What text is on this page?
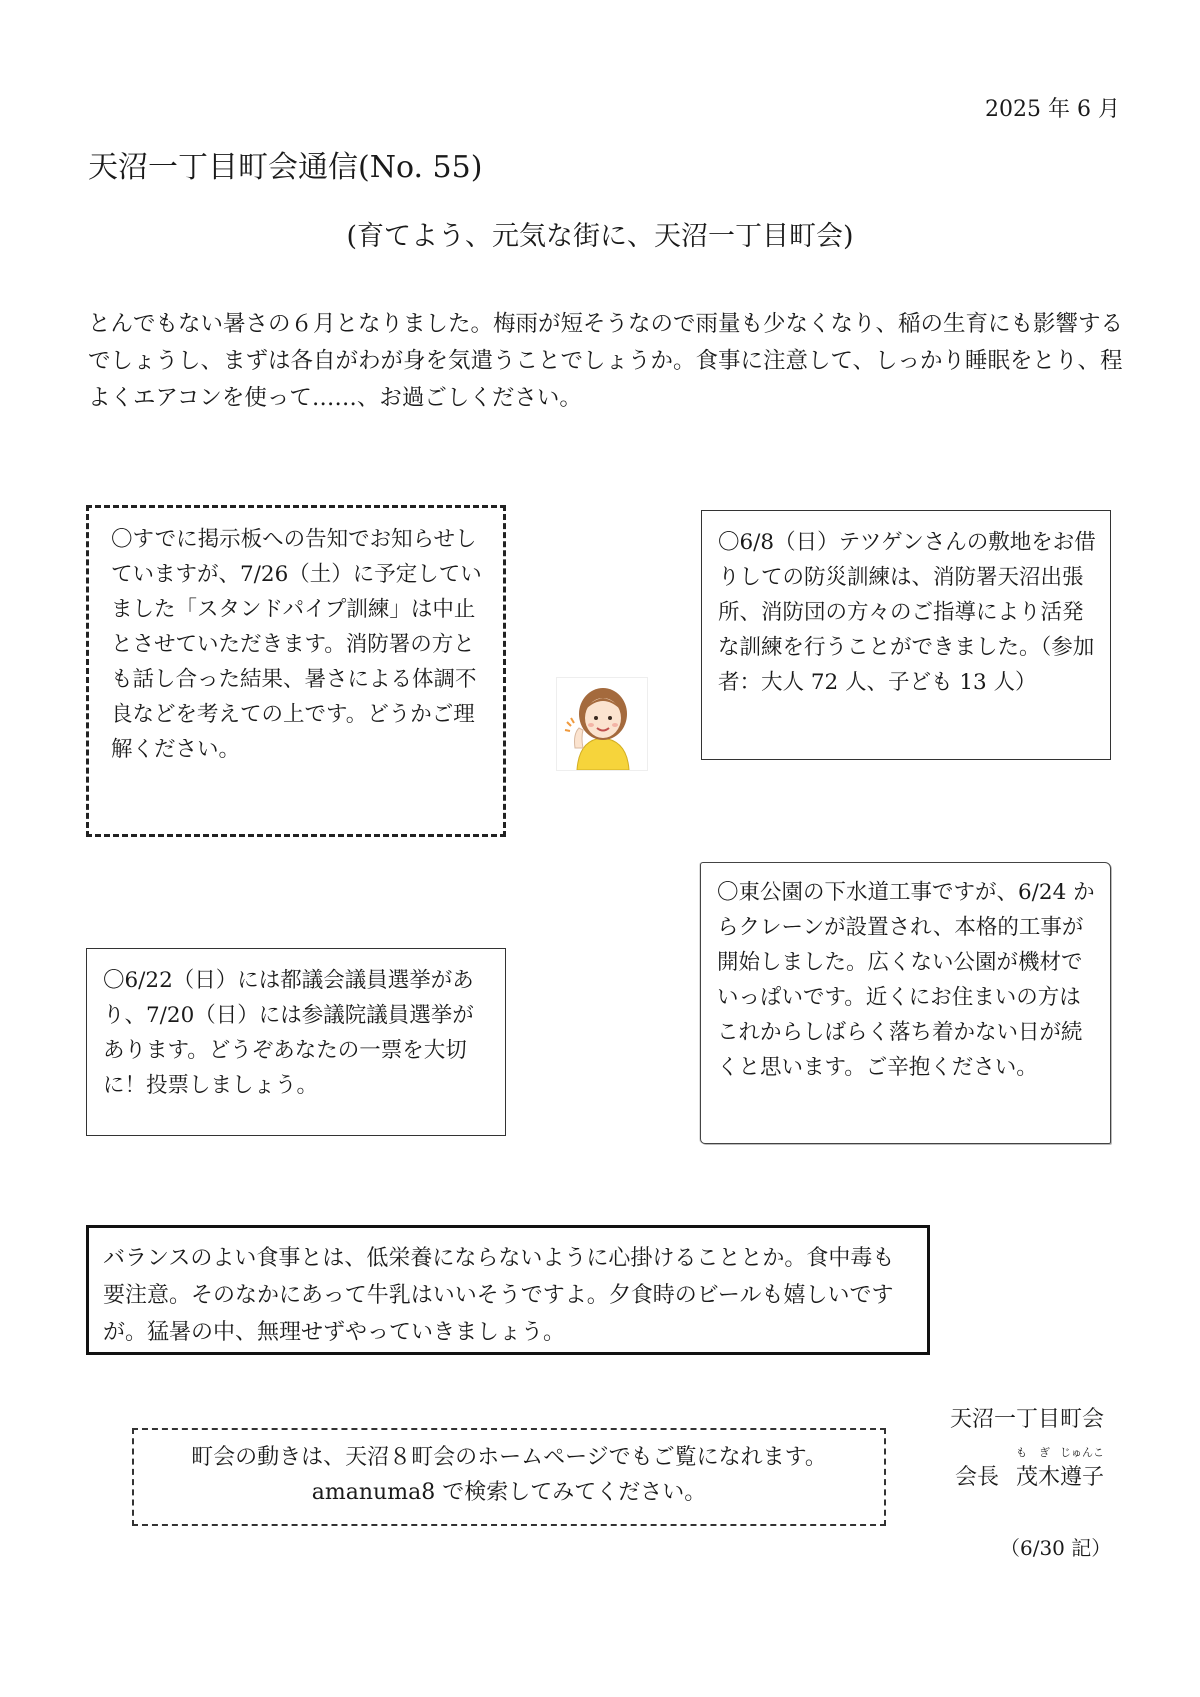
2025 年 6 月
天沼一丁目町会通信(No. 55)
(育てよう、元気な街に、天沼一丁目町会)
とんでもない暑さの６月となりました。梅雨が短そうなので雨量も少なくなり、稲の生育にも影響するでしょうし、まずは各自がわが身を気遣うことでしょうか。食事に注意して、しっかり睡眠をとり、程よくエアコンを使って……、お過ごしください。
〇すでに掲示板への告知でお知らせしていますが、7/26（土）に予定していました「スタンドパイプ訓練」は中止とさせていただきます。消防署の方とも話し合った結果、暑さによる体調不良などを考えての上です。どうかご理解ください。
〇6/8（日）テツゲンさんの敷地をお借りしての防災訓練は、消防署天沼出張所、消防団の方々のご指導により活発な訓練を行うことができました。（参加者：大人 72 人、子ども 13 人）
〇東公園の下水道工事ですが、6/24 からクレーンが設置され、本格的工事が開始しました。広くない公園が機材でいっぱいです。近くにお住まいの方はこれからしばらく落ち着かない日が続くと思います。ご辛抱ください。
〇6/22（日）には都議会議員選挙があり、7/20（日）には参議院議員選挙があります。どうぞあなたの一票を大切に！投票しましょう。
バランスのよい食事とは、低栄養にならないように心掛けることとか。食中毒も要注意。そのなかにあって牛乳はいいそうですよ。夕食時のビールも嬉しいですが。猛暑の中、無理せずやっていきましょう。
町会の動きは、天沼８町会のホームページでもご覧になれます。
amanuma8 で検索してみてください。
天沼一丁目町会
会長
も ぎ じゅんこ
茂木遵子
（6/30 記）
